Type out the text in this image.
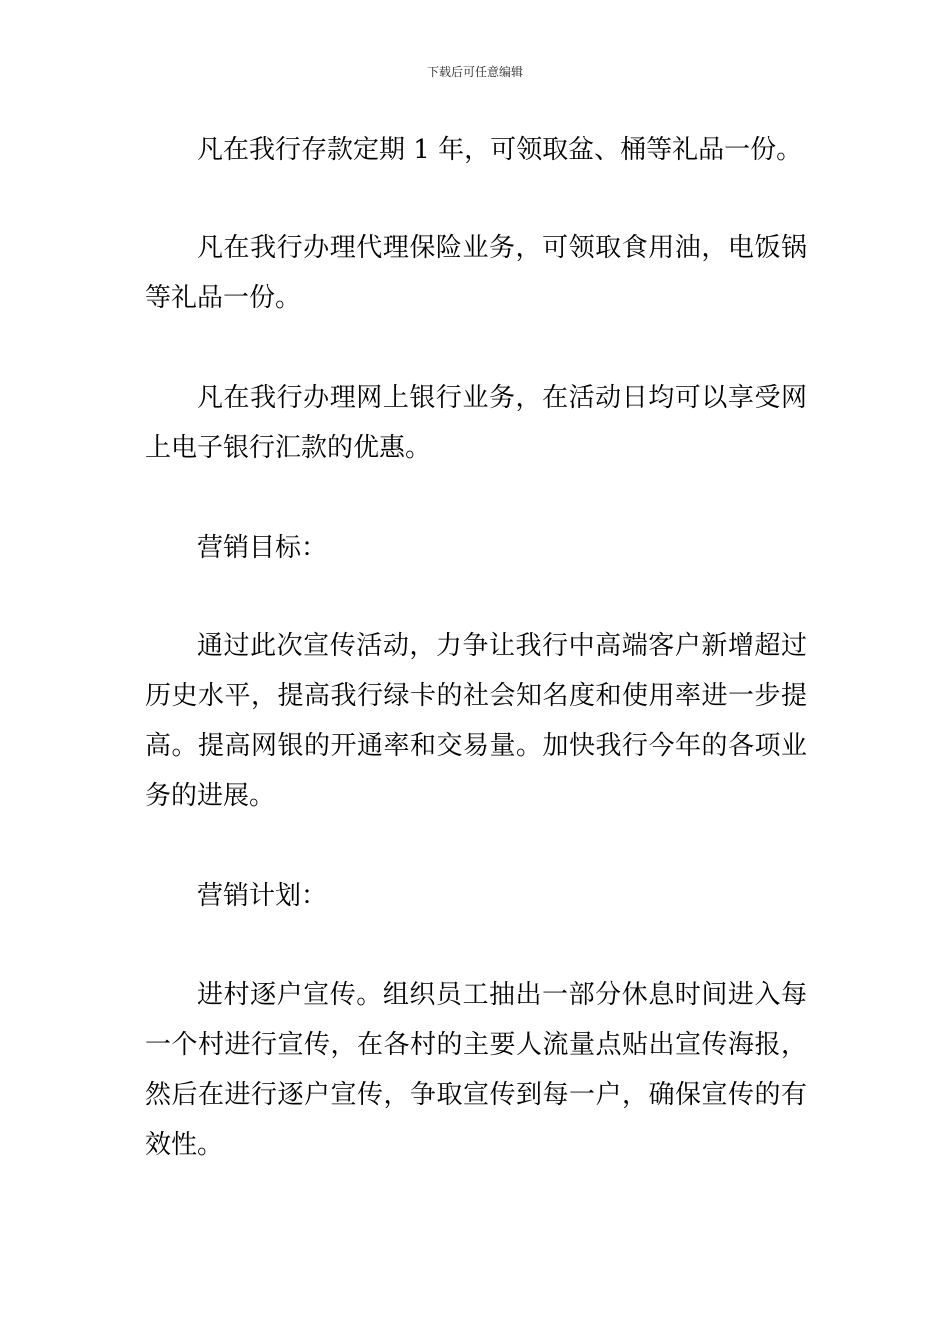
下载后可任意编辑

凡在我行存款定期 1 年，可领取盆、桶等礼品一份。

凡在我行办理代理保险业务，可领取食用油，电饭锅等礼品一份。

凡在我行办理网上银行业务，在活动日均可以享受网上电子银行汇款的优惠。

营销目标：

通过此次宣传活动，力争让我行中高端客户新增超过历史水平，提高我行绿卡的社会知名度和使用率进一步提高。提高网银的开通率和交易量。加快我行今年的各项业务的进展。

营销计划：

进村逐户宣传。组织员工抽出一部分休息时间进入每一个村进行宣传，在各村的主要人流量点贴出宣传海报，然后在进行逐户宣传，争取宣传到每一户，确保宣传的有效性。
